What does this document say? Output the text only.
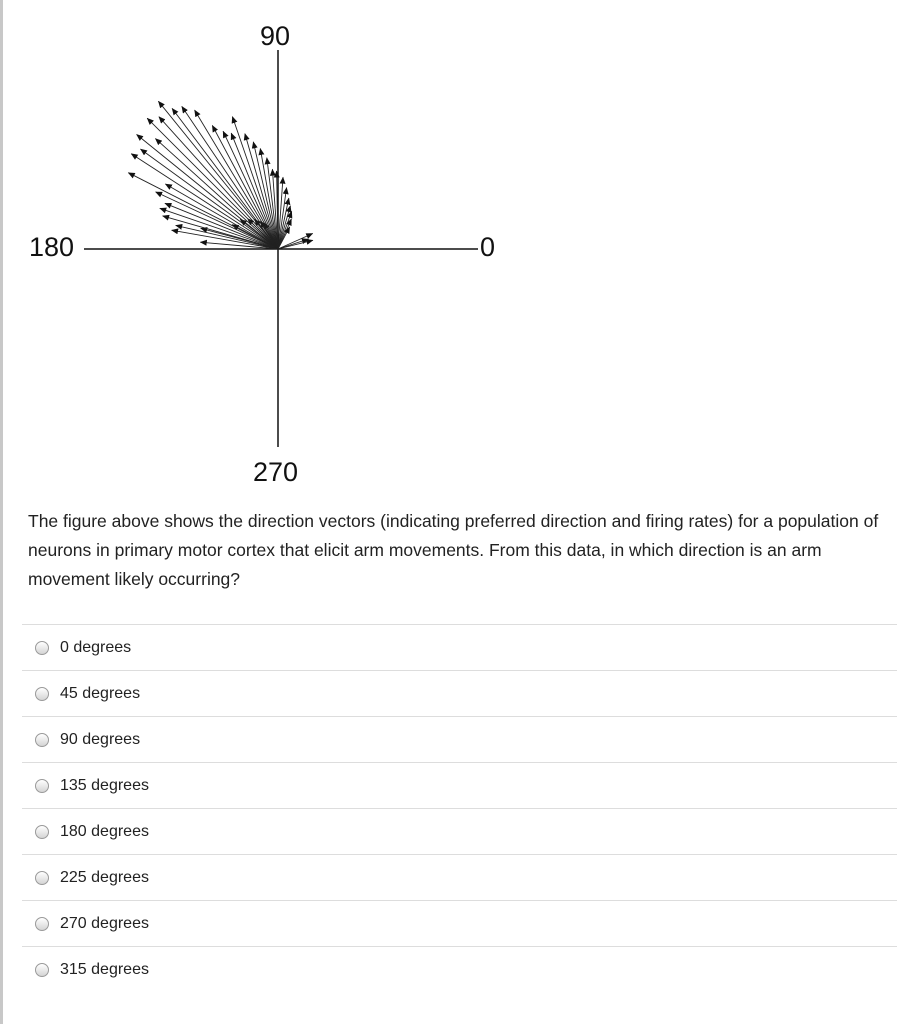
90
180	0
270
The figure above shows the direction vectors (indicating preferred direction and firing rates) for a population of neurons in primary motor cortex that elicit arm movements. From this data, in which direction is an arm movement likely occurring?
0 degrees
45 degrees
90 degrees
135 degrees
180 degrees
225 degrees
270 degrees
315 degrees
